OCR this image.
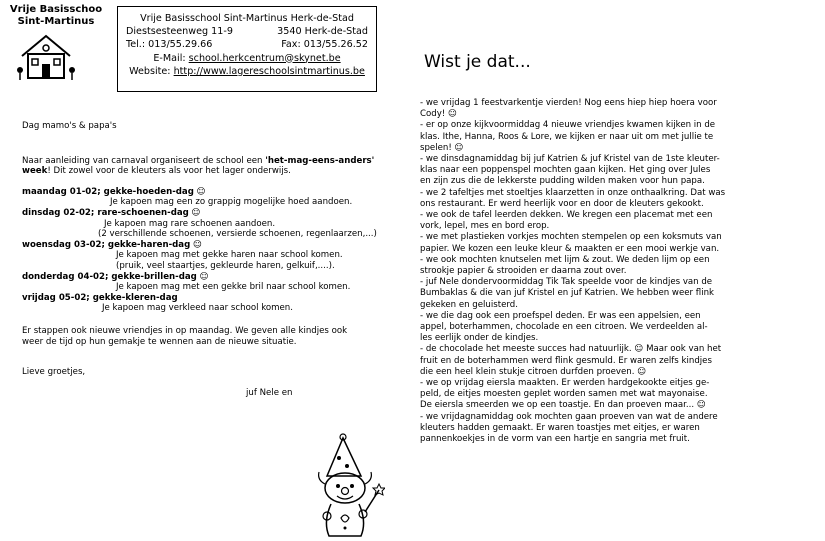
Vrije Basisschoo
Sint-Martinus	Vrije Basisschool Sint-Martinus Herk-de-Stad
Diestsesteenweg 11-9	3540 Herk-de-Stad
Tel.: 013/55.29.66	Fax: 013/55.26.52
E-Mail: school.herkcentrum@skynet.be
Website: http://www.lagereschoolsintmartinus.be

Dag mamo's & papa's

Naar aanleiding van carnaval organiseert de school een 'het-mag-eens-anders'

week! Dit zowel voor de kleuters als voor het lager onderwijs.

maandag 01-02; gekke-hoeden-dag ☺

Je kapoen mag een zo grappig mogelijke hoed aandoen.

dinsdag 02-02; rare-schoenen-dag ☺

Je kapoen mag rare schoenen aandoen.

(2 verschillende schoenen, versierde schoenen, regenlaarzen,...)

woensdag 03-02; gekke-haren-dag ☺

Je kapoen mag met gekke haren naar school komen.

(pruik, veel staartjes, gekleurde haren, gelkuif,....).

donderdag 04-02; gekke-brillen-dag ☺

Je kapoen mag met een gekke bril naar school komen.

vrijdag 05-02; gekke-kleren-dag

Je kapoen mag verkleed naar school komen.

Er stappen ook nieuwe vriendjes in op maandag. We geven alle kindjes ook

weer de tijd op hun gemakje te wennen aan de nieuwe situatie.

Lieve groetjes,

juf Nele en

Wist je dat...
- we vrijdag 1 feestvarkentje vierden! Nog eens hiep hiep hoera voor
Cody! ☺
- er op onze kijkvoormiddag 4 nieuwe vriendjes kwamen kijken in de
klas. Ithe, Hanna, Roos & Lore, we kijken er naar uit om met jullie te
spelen! ☺
- we dinsdagnamiddag bij juf Katrien & juf Kristel van de 1ste kleuter-
klas naar een poppenspel mochten gaan kijken. Het ging over Jules
en zijn zus die de lekkerste pudding wilden maken voor hun papa.
- we 2 tafeltjes met stoeltjes klaarzetten in onze onthaalkring. Dat was
ons restaurant. Er werd heerlijk voor en door de kleuters gekookt.
- we ook de tafel leerden dekken. We kregen een placemat met een
vork, lepel, mes en bord erop.
- we met plastieken vorkjes mochten stempelen op een koksmuts van
papier. We kozen een leuke kleur & maakten er een mooi werkje van.
- we ook mochten knutselen met lijm & zout. We deden lijm op een
strookje papier & strooiden er daarna zout over.
- juf Nele dondervoormiddag Tik Tak speelde voor de kindjes van de
Bumbaklas & die van juf Kristel en juf Katrien. We hebben weer flink
gekeken en geluisterd.
- we die dag ook een proefspel deden. Er was een appelsien, een
appel, boterhammen, chocolade en een citroen. We verdeelden al-
les eerlijk onder de kindjes.
- de chocolade het meeste succes had natuurlijk. ☺ Maar ook van het
fruit en de boterhammen werd flink gesmuld. Er waren zelfs kindjes
die een heel klein stukje citroen durfden proeven. ☺
- we op vrijdag eiersla maakten. Er werden hardgekookte eitjes ge-
peld, de eitjes moesten geplet worden samen met wat mayonaise.
De eiersla smeerden we op een toastje. En dan proeven maar... ☺
- we vrijdagnamiddag ook mochten gaan proeven van wat de andere
kleuters hadden gemaakt. Er waren toastjes met eitjes, er waren
pannenkoekjes in de vorm van een hartje en sangria met fruit.
